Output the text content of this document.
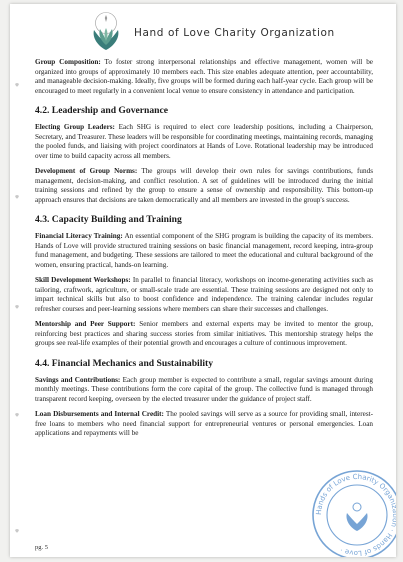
Hand of Love Charity Organization

Group Composition: To foster strong interpersonal relationships and effective management, women will be organized into groups of approximately 10 members each. This size enables adequate attention, peer accountability, and manageable decision-making. Ideally, five groups will be formed during each half-year cycle. Each group will be encouraged to meet regularly in a convenient local venue to ensure consistency in attendance and participation.

4.2. Leadership and Governance

Electing Group Leaders: Each SHG is required to elect core leadership positions, including a Chairperson, Secretary, and Treasurer. These leaders will be responsible for coordinating meetings, maintaining records, managing the pooled funds, and liaising with project coordinators at Hands of Love. Rotational leadership may be introduced over time to build capacity across all members.

Development of Group Norms: The groups will develop their own rules for savings contributions, funds management, decision-making, and conflict resolution. A set of guidelines will be introduced during the initial training sessions and refined by the group to ensure a sense of ownership and responsibility. This bottom-up approach ensures that decisions are taken democratically and all members are invested in the group's success.

4.3. Capacity Building and Training

Financial Literacy Training: An essential component of the SHG program is building the capacity of its members. Hands of Love will provide structured training sessions on basic financial management, record keeping, intra-group fund management, and budgeting. These sessions are tailored to meet the educational and cultural background of the women, ensuring practical, hands-on learning.

Skill Development Workshops: In parallel to financial literacy, workshops on income-generating activities such as tailoring, craftwork, agriculture, or small-scale trade are essential. These training sessions are designed not only to impart technical skills but also to boost confidence and independence. The training calendar includes regular refresher courses and peer-learning sessions where members can share their successes and challenges.

Mentorship and Peer Support: Senior members and external experts may be invited to mentor the group, reinforcing best practices and sharing success stories from similar initiatives. This mentorship strategy helps the groups see real-life examples of their potential growth and encourages a culture of continuous improvement.

4.4. Financial Mechanics and Sustainability

Savings and Contributions: Each group member is expected to contribute a small, regular savings amount during monthly meetings. These contributions form the core capital of the group. The collective fund is managed through transparent record keeping, overseen by the elected treasurer under the guidance of project staff.

Loan Disbursements and Internal Credit: The pooled savings will serve as a source for providing small, interest-free loans to members who need financial support for entrepreneurial ventures or personal emergencies. Loan applications and repayments will be

pg. 5
Hands of Love Charity Organization · Hands of Love ·
